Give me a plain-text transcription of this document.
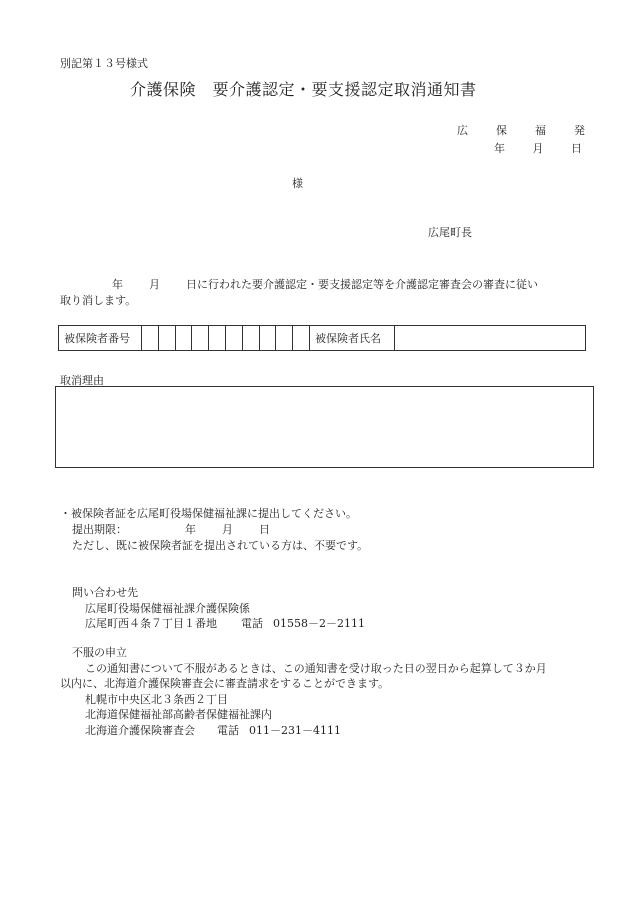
別記第１３号様式
介護保険　要介護認定・要支援認定取消通知書
広	保	福	発
年	月	日
様
広尾町長
年 月 日に行われた要介護認定・要支援認定等を介護認定審査会の審査に従い
取り消します。
被保険者番号	被保険者氏名
取消理由
・被保険者証を広尾町役場保健福祉課に提出してください。
提出期限：	年 月 日
ただし、既に被保険者証を提出されている方は、不要です。
問い合わせ先
広尾町役場保健福祉課介護保険係
広尾町西４条７丁目１番地 電話 01558－2－2111
不服の申立
この通知書について不服があるときは、この通知書を受け取った日の翌日から起算して３か月
以内に、北海道介護保険審査会に審査請求をすることができます。
札幌市中央区北３条西２丁目
北海道保健福祉部高齢者保健福祉課内
北海道介護保険審査会 電話 011－231－4111
